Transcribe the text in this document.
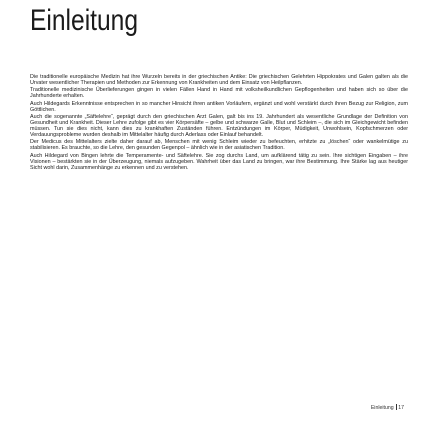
Einleitung

Die traditionelle europäische Medizin hat ihre Wurzeln bereits in der griechischen Antike: Die griechischen Gelehrten Hippokrates und Galen galten als die Urvater wesentlicher Therapien und Methoden zur Erkennung von Krankheiten und dem Einsatz von Heilpflanzen.

Traditionelle medizinische Überlieferungen gingen in vielen Fällen Hand in Hand mit volksheilkundlichen Gepflogenheiten und haben sich so über die Jahrhunderte erhalten.

Auch Hildegards Erkenntnisse entsprechen in so mancher Hinsicht ihren antiken Vorläufern, ergänzt und wohl verstärkt durch ihren Bezug zur Religion, zum Göttlichen.

Auch die sogenannte „Säftelehre“, geprägt durch den griechischen Arzt Galen, galt bis ins 19. Jahrhundert als wesentliche Grundlage der Definition von Gesundheit und Krankheit. Dieser Lehre zufolge gibt es vier Körpersäfte – gelbe und schwarze Galle, Blut und Schleim –, die sich im Gleichgewicht befinden müssen. Tun sie dies nicht, kann dies zu krankhaften Zuständen führen. Entzündungen im Körper, Müdigkeit, Unwohlsein, Kopfschmerzen oder Verdauungsprobleme wurden deshalb im Mittelalter häufig durch Aderlass oder Einlauf behandelt.

Der Medicus des Mittelalters zielte daher darauf ab, Menschen mit wenig Schleim wieder zu befeuchten, erhitzte zu „löschen“ oder wankelmütige zu stabilisieren. Es brauchte, so die Lehre, den gesunden Gegenpol – ähnlich wie in der asiatischen Tradition.

Auch Hildegard von Bingen lehrte die Temperamente- und Säftelehre. Sie zog durchs Land, um aufklärend tätig zu sein. Ihre sichtigen Eingaben – ihre Visionen – bestärkten sie in der Überzeugung, niemals aufzugeben. Wahrheit über das Land zu bringen, war ihre Bestimmung. Ihre Stärke lag aus heutiger Sicht wohl darin, Zusammenhänge zu erkennen und zu verstehen.

Einleitung 17
